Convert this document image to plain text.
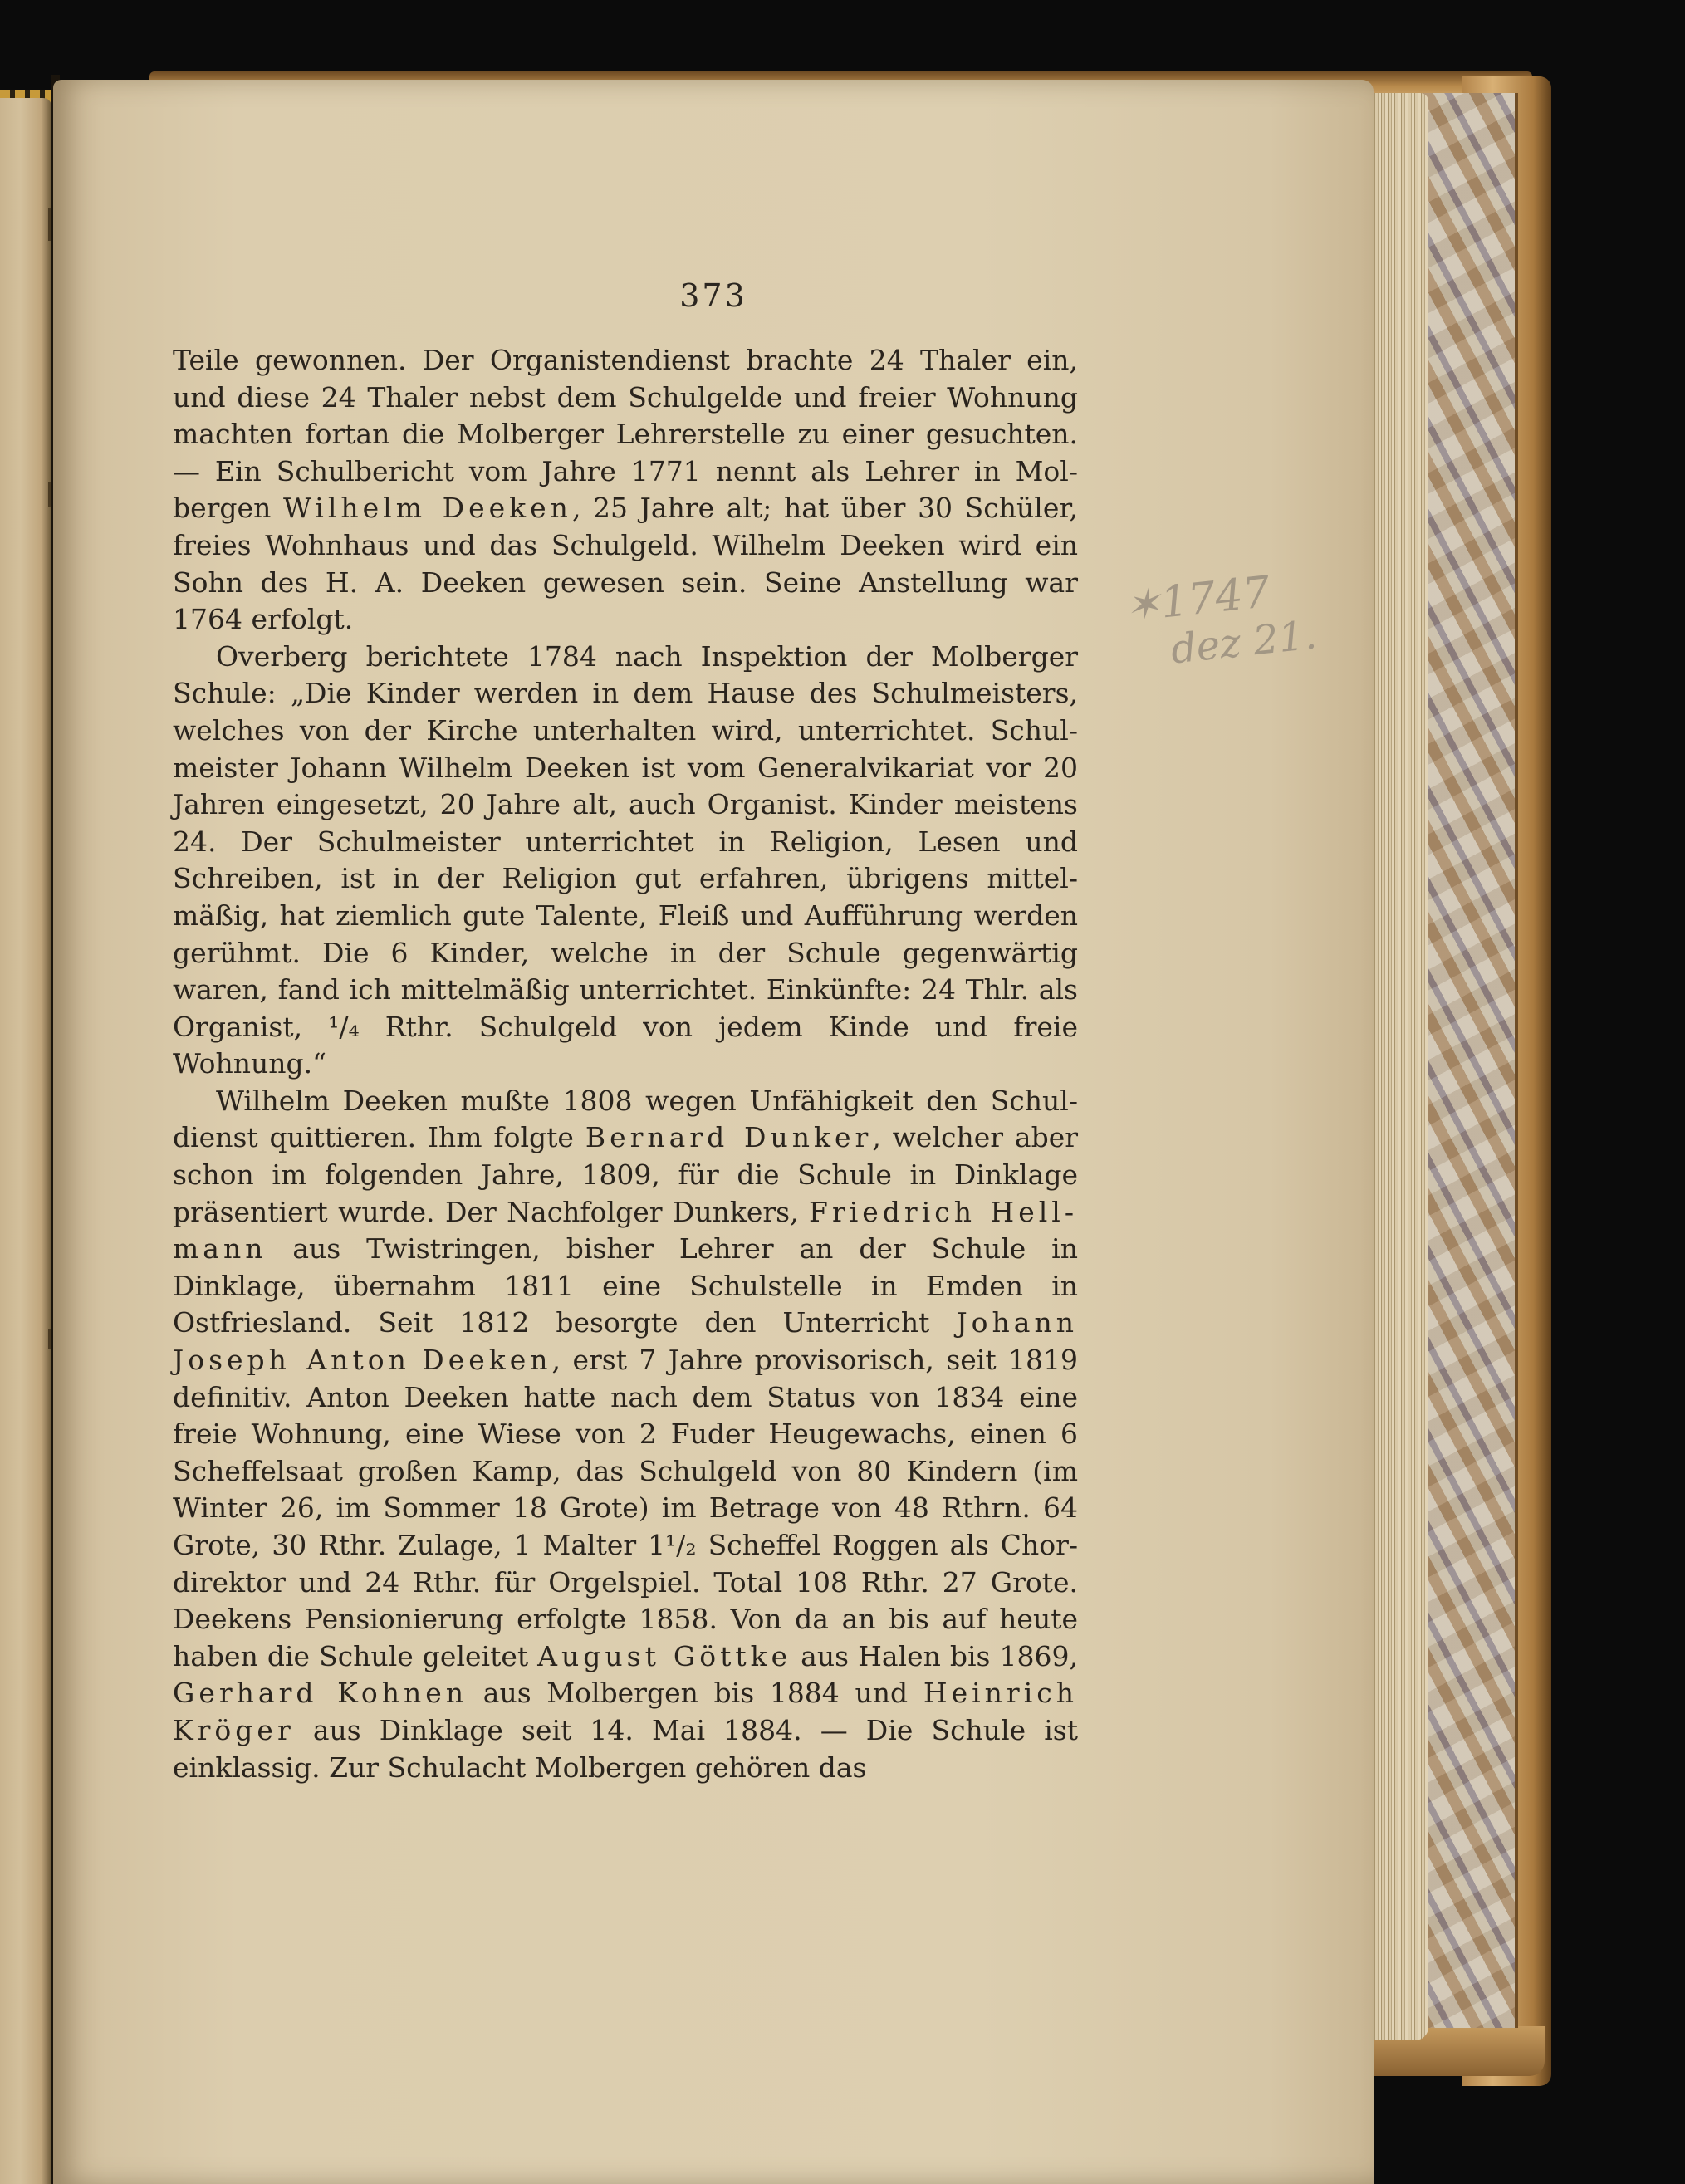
373

Teile gewonnen. Der Organistendienst brachte 24 Thaler ein, und diese 24 Thaler nebst dem Schulgelde und freier Wohnung machten fortan die Molberger Lehrerstelle zu einer gesuchten. — Ein Schulbericht vom Jahre 1771 nennt als Lehrer in Mol- bergen Wilhelm Deeken, 25 Jahre alt; hat über 30 Schüler, freies Wohnhaus und das Schulgeld. Wilhelm Deeken wird ein Sohn des H. A. Deeken gewesen sein. Seine Anstellung war 1764 erfolgt.

Overberg berichtete 1784 nach Inspektion der Molberger Schule: „Die Kinder werden in dem Hause des Schulmeisters, welches von der Kirche unterhalten wird, unterrichtet. Schul- meister Johann Wilhelm Deeken ist vom Generalvikariat vor 20 Jahren eingesetzt, 20 Jahre alt, auch Organist. Kinder meistens 24. Der Schulmeister unterrichtet in Religion, Lesen und Schreiben, ist in der Religion gut erfahren, übrigens mittel- mäßig, hat ziemlich gute Talente, Fleiß und Aufführung werden gerühmt. Die 6 Kinder, welche in der Schule gegenwärtig waren, fand ich mittelmäßig unterrichtet. Einkünfte: 24 Thlr. als Organist, ¹/₄ Rthr. Schulgeld von jedem Kinde und freie Wohnung.“

Wilhelm Deeken mußte 1808 wegen Unfähigkeit den Schul- dienst quittieren. Ihm folgte Bernard Dunker, welcher aber schon im folgenden Jahre, 1809, für die Schule in Dinklage präsentiert wurde. Der Nachfolger Dunkers, Friedrich Hell- mann aus Twistringen, bisher Lehrer an der Schule in Dinklage, übernahm 1811 eine Schulstelle in Emden in Ostfriesland. Seit 1812 besorgte den Unterricht Johann Joseph Anton Deeken, erst 7 Jahre provisorisch, seit 1819 definitiv. Anton Deeken hatte nach dem Status von 1834 eine freie Wohnung, eine Wiese von 2 Fuder Heugewachs, einen 6 Scheffelsaat großen Kamp, das Schulgeld von 80 Kindern (im Winter 26, im Sommer 18 Grote) im Betrage von 48 Rthrn. 64 Grote, 30 Rthr. Zulage, 1 Malter 1¹/₂ Scheffel Roggen als Chor- direktor und 24 Rthr. für Orgelspiel. Total 108 Rthr. 27 Grote. Deekens Pensionierung erfolgte 1858. Von da an bis auf heute haben die Schule geleitet August Göttke aus Halen bis 1869, Gerhard Kohnen aus Molbergen bis 1884 und Heinrich Kröger aus Dinklage seit 14. Mai 1884. — Die Schule ist einklassig. Zur Schulacht Molbergen gehören das

✶1747
dez 21.
